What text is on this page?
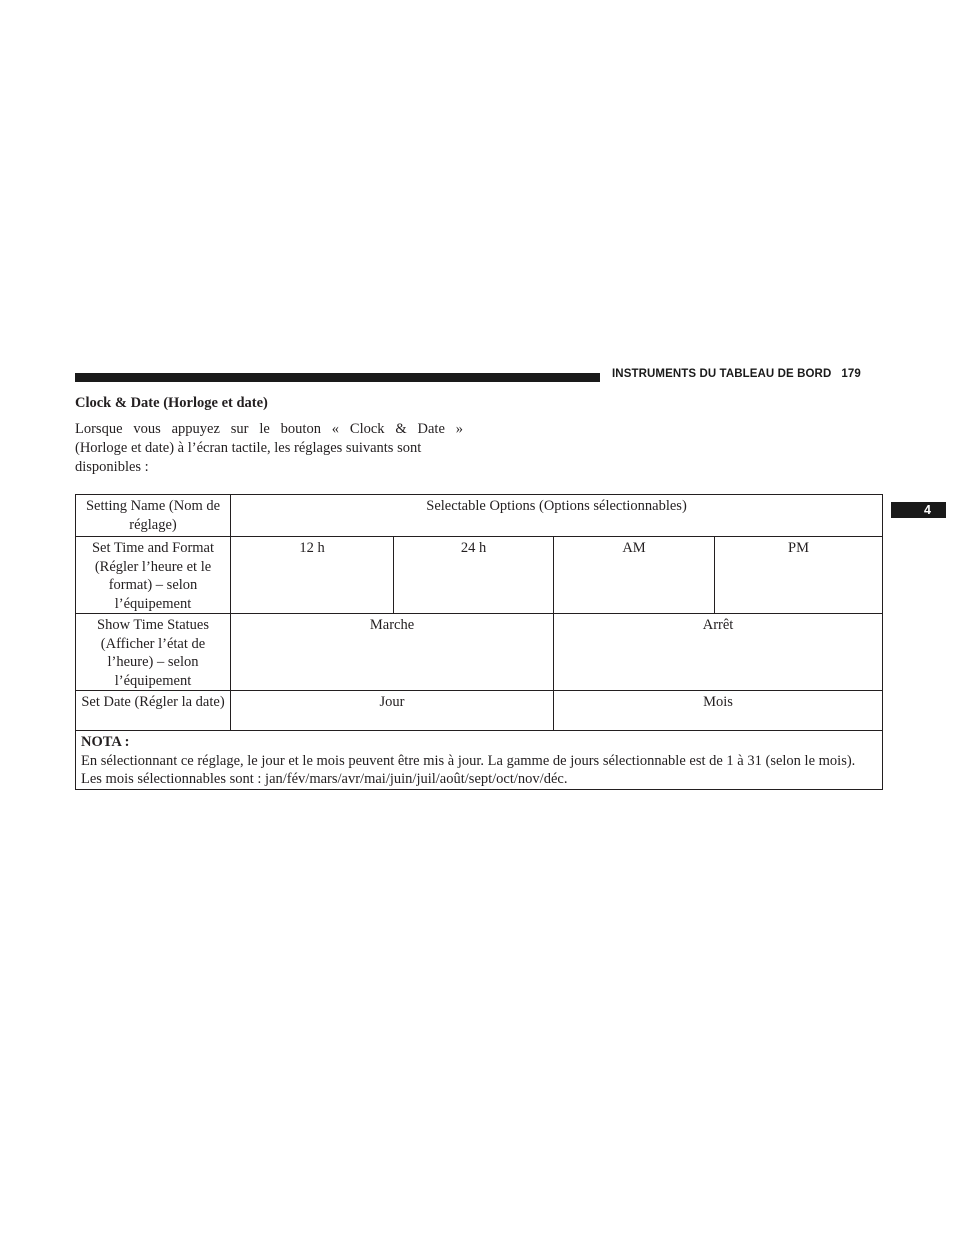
INSTRUMENTS DU TABLEAU DE BORD 179
4
Clock & Date (Horloge et date)

Lorsque vous appuyez sur le bouton « Clock & Date »
(Horloge et date) à l’écran tactile, les réglages suivants sont
disponibles :

Setting Name (Nom de réglage)	Selectable Options (Options sélectionnables)			
Set Time and Format (Régler l’heure et le format) – selon l’équipement	12 h	24 h	AM	PM
Show Time Statues (Afficher l’état de l’heure) – selon l’équipement	Marche		Arrêt	
Set Date (Régler la date)	Jour		Mois	

NOTA :
En sélectionnant ce réglage, le jour et le mois peuvent être mis à jour. La gamme de jours sélectionnable est de 1 à 31 (selon le mois). Les mois sélectionnables sont : jan/fév/mars/avr/mai/juin/juil/août/sept/oct/nov/déc.				
